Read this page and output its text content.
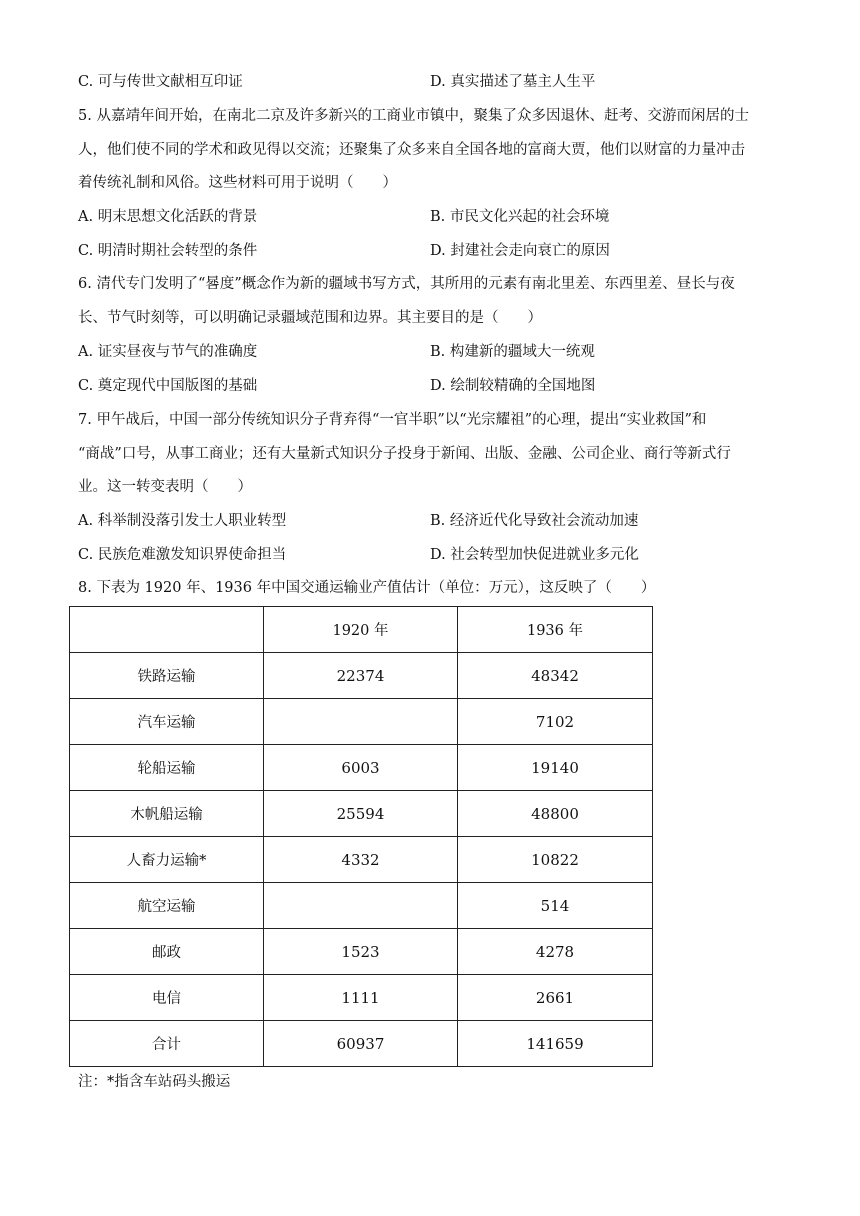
C. 可与传世文献相互印证	D. 真实描述了墓主人生平
5. 从嘉靖年间开始，在南北二京及许多新兴的工商业市镇中，聚集了众多因退休、赶考、交游而闲居的士
人，他们使不同的学术和政见得以交流；还聚集了众多来自全国各地的富商大贾，他们以财富的力量冲击
着传统礼制和风俗。这些材料可用于说明（　　）
A. 明末思想文化活跃的背景	B. 市民文化兴起的社会环境
C. 明清时期社会转型的条件	D. 封建社会走向衰亡的原因
6. 清代专门发明了“晷度”概念作为新的疆域书写方式，其所用的元素有南北里差、东西里差、昼长与夜
长、节气时刻等，可以明确记录疆域范围和边界。其主要目的是（　　）
A. 证实昼夜与节气的准确度	B. 构建新的疆域大一统观
C. 奠定现代中国版图的基础	D. 绘制较精确的全国地图
7. 甲午战后，中国一部分传统知识分子背弃得“一官半职”以“光宗耀祖”的心理，提出“实业救国”和
“商战”口号，从事工商业；还有大量新式知识分子投身于新闻、出版、金融、公司企业、商行等新式行
业。这一转变表明（　　）
A. 科举制没落引发士人职业转型	B. 经济近代化导致社会流动加速
C. 民族危难激发知识界使命担当	D. 社会转型加快促进就业多元化
8. 下表为 1920 年、1936 年中国交通运输业产值估计（单位：万元），这反映了（　　）
	1920 年	1936 年
铁路运输	22374	48342
汽车运输		7102
轮船运输	6003	19140
木帆船运输	25594	48800
人畜力运输*	4332	10822
航空运输		514
邮政	1523	4278
电信	1111	2661
合计	60937	141659
注：*指含车站码头搬运
